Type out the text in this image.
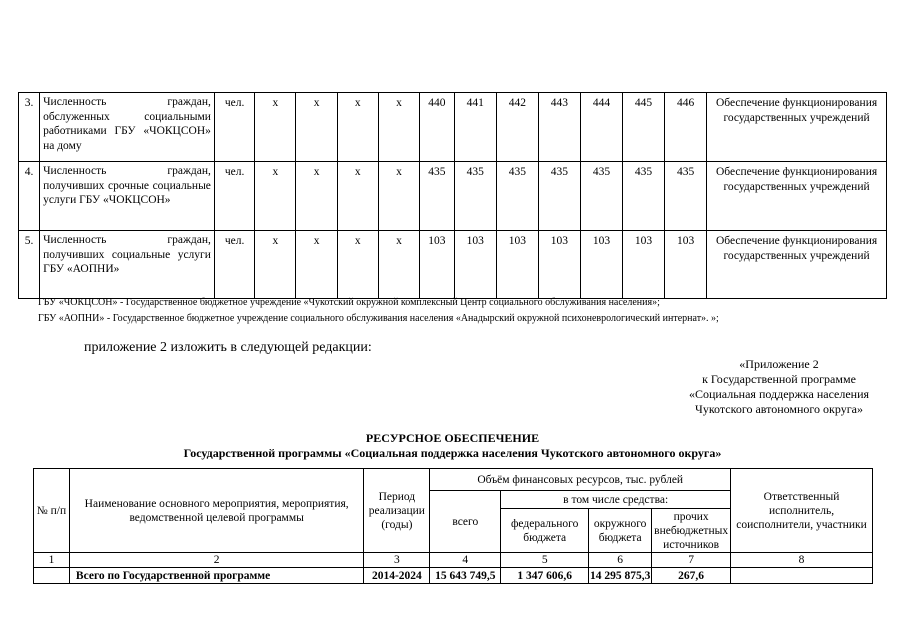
3.	Численность граждан, обслуженных социальными работниками ГБУ «ЧОКЦСОН» на дому	чел.	х	х	х	х	440	441	442	443	444	445	446	Обеспечение функционирования государственных учреждений
4.	Численность граждан, получивших срочные социальные услуги ГБУ «ЧОКЦСОН»	чел.	х	х	х	х	435	435	435	435	435	435	435	Обеспечение функционирования государственных учреждений
5.	Численность граждан, получивших социальные услуги ГБУ «АОПНИ»	чел.	х	х	х	х	103	103	103	103	103	103	103	Обеспечение функционирования государственных учреждений
ГБУ «ЧОКЦСОН» - Государственное бюджетное учреждение «Чукотский окружной комплексный Центр социального обслуживания населения»;
ГБУ «АОПНИ» - Государственное бюджетное учреждение социального обслуживания населения «Анадырский окружной психоневрологический интернат». »;
приложение 2 изложить в следующей редакции:
«Приложение 2
к Государственной программе
«Социальная поддержка населения
Чукотского автономного округа»
РЕСУРСНОЕ ОБЕСПЕЧЕНИЕ
Государственной программы «Социальная поддержка населения Чукотского автономного округа»
№ п/п	Наименование основного мероприятия, мероприятия, ведомственной целевой программы	Период реализации (годы)	Объём финансовых ресурсов, тыс. рублей				Ответственный исполнитель, соисполнители, участники
			всего	в том числе средства:			
				федерального бюджета	окружного бюджета	прочих внебюджетных источников	
1	2	3	4	5	6	7	8
	Всего по Государственной программе	2014-2024	15 643 749,5	1 347 606,6	14 295 875,3	267,6	
